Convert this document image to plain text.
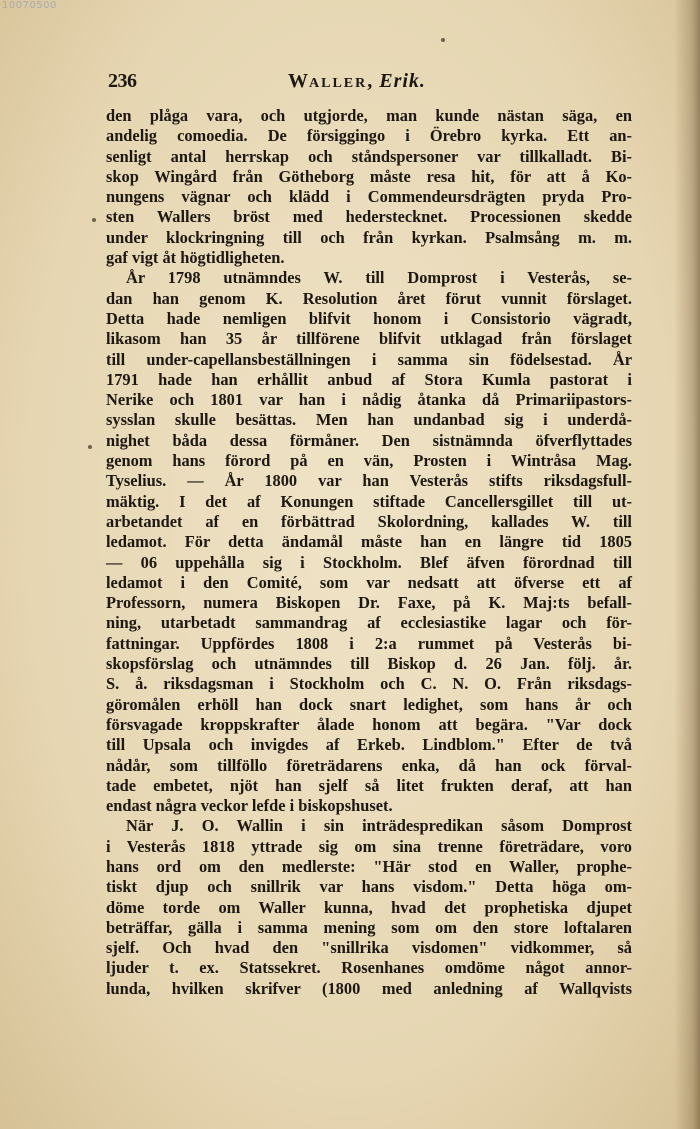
10070500
236	Waller, Erik.
den plåga vara, och utgjorde, man kunde nästan säga, en
andelig comoedia. De försiggingo i Örebro kyrka. Ett an-
senligt antal herrskap och ståndspersoner var tillkalladt. Bi-
skop Wingård från Götheborg måste resa hit, för att å Ko-
nungens vägnar och klädd i Commendeursdrägten pryda Pro-
sten Wallers bröst med hederstecknet. Processionen skedde
under klockringning till och från kyrkan. Psalmsång m. m.
gaf vigt åt högtidligheten.
År 1798 utnämndes W. till Domprost i Vesterås, se-
dan han genom K. Resolution året förut vunnit förslaget.
Detta hade nemligen blifvit honom i Consistorio vägradt,
likasom han 35 år tillförene blifvit utklagad från förslaget
till under-capellansbeställningen i samma sin födelsestad. År
1791 hade han erhållit anbud af Stora Kumla pastorat i
Nerike och 1801 var han i nådig åtanka då Primariipastors-
sysslan skulle besättas. Men han undanbad sig i underdå-
nighet båda dessa förmåner. Den sistnämnda öfverflyttades
genom hans förord på en vän, Prosten i Wintråsa Mag.
Tyselius. — År 1800 var han Vesterås stifts riksdagsfull-
mäktig. I det af Konungen stiftade Cancellersgillet till ut-
arbetandet af en förbättrad Skolordning, kallades W. till
ledamot. För detta ändamål måste han en längre tid 1805
— 06 uppehålla sig i Stockholm. Blef äfven förordnad till
ledamot i den Comité, som var nedsatt att öfverse ett af
Professorn, numera Biskopen Dr. Faxe, på K. Maj:ts befall-
ning, utarbetadt sammandrag af ecclesiastike lagar och för-
fattningar. Uppfördes 1808 i 2:a rummet på Vesterås bi-
skopsförslag och utnämndes till Biskop d. 26 Jan. följ. år.
S. å. riksdagsman i Stockholm och C. N. O. Från riksdags-
göromålen erhöll han dock snart ledighet, som hans år och
försvagade kroppskrafter ålade honom att begära. "Var dock
till Upsala och invigdes af Erkeb. Lindblom." Efter de två
nådår, som tillföllo företrädarens enka, då han ock förval-
tade embetet, njöt han sjelf så litet frukten deraf, att han
endast några veckor lefde i biskopshuset.
När J. O. Wallin i sin inträdespredikan såsom Domprost
i Vesterås 1818 yttrade sig om sina trenne företrädare, voro
hans ord om den medlerste: "Här stod en Waller, prophe-
tiskt djup och snillrik var hans visdom." Detta höga om-
döme torde om Waller kunna, hvad det prophetiska djupet
beträffar, gälla i samma mening som om den store loftalaren
sjelf. Och hvad den "snillrika visdomen" vidkommer, så
ljuder t. ex. Statssekret. Rosenhanes omdöme något annor-
lunda, hvilken skrifver (1800 med anledning af Wallqvists
